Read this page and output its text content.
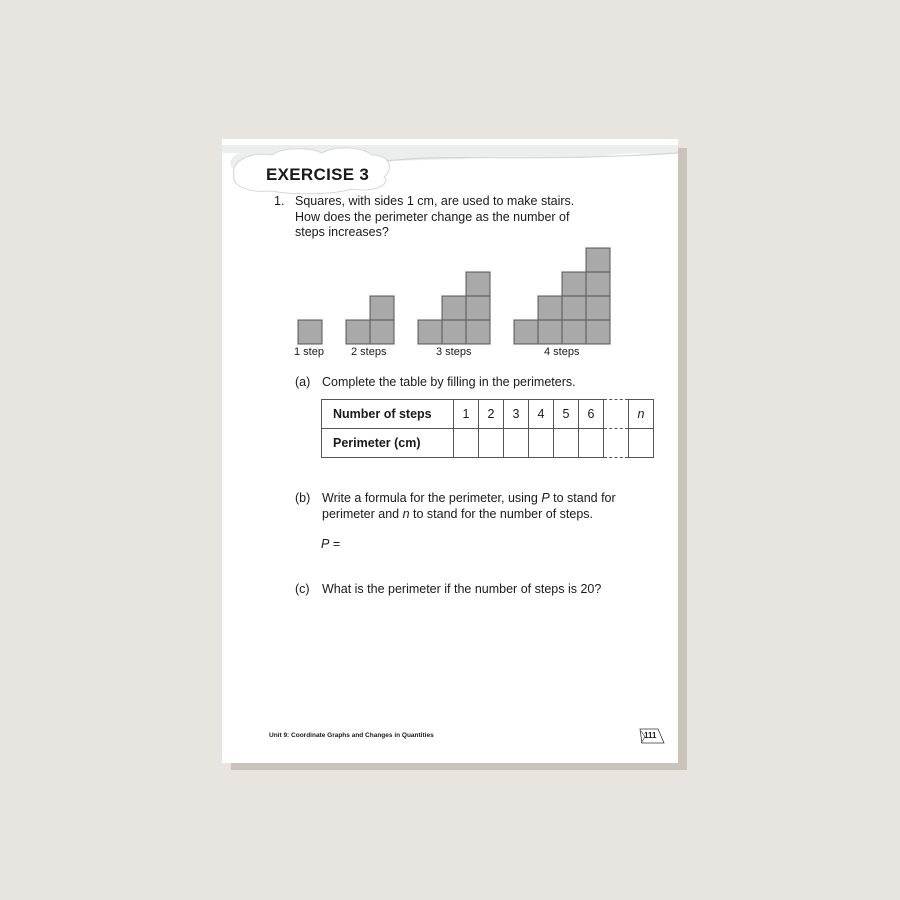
EXERCISE 3
1. Squares, with sides 1 cm, are used to make stairs.
How does the perimeter change as the number of
steps increases?
1 step 2 steps	3 steps	4 steps
(a) Complete the table by filling in the perimeters.
Number of steps	1	2	3	4	5	6		n
Perimeter (cm)								
(b) Write a formula for the perimeter, using P to stand for
perimeter and n to stand for the number of steps.
P =
(c) What is the perimeter if the number of steps is 20?
Unit 9: Coordinate Graphs and Changes in Quantities	111
